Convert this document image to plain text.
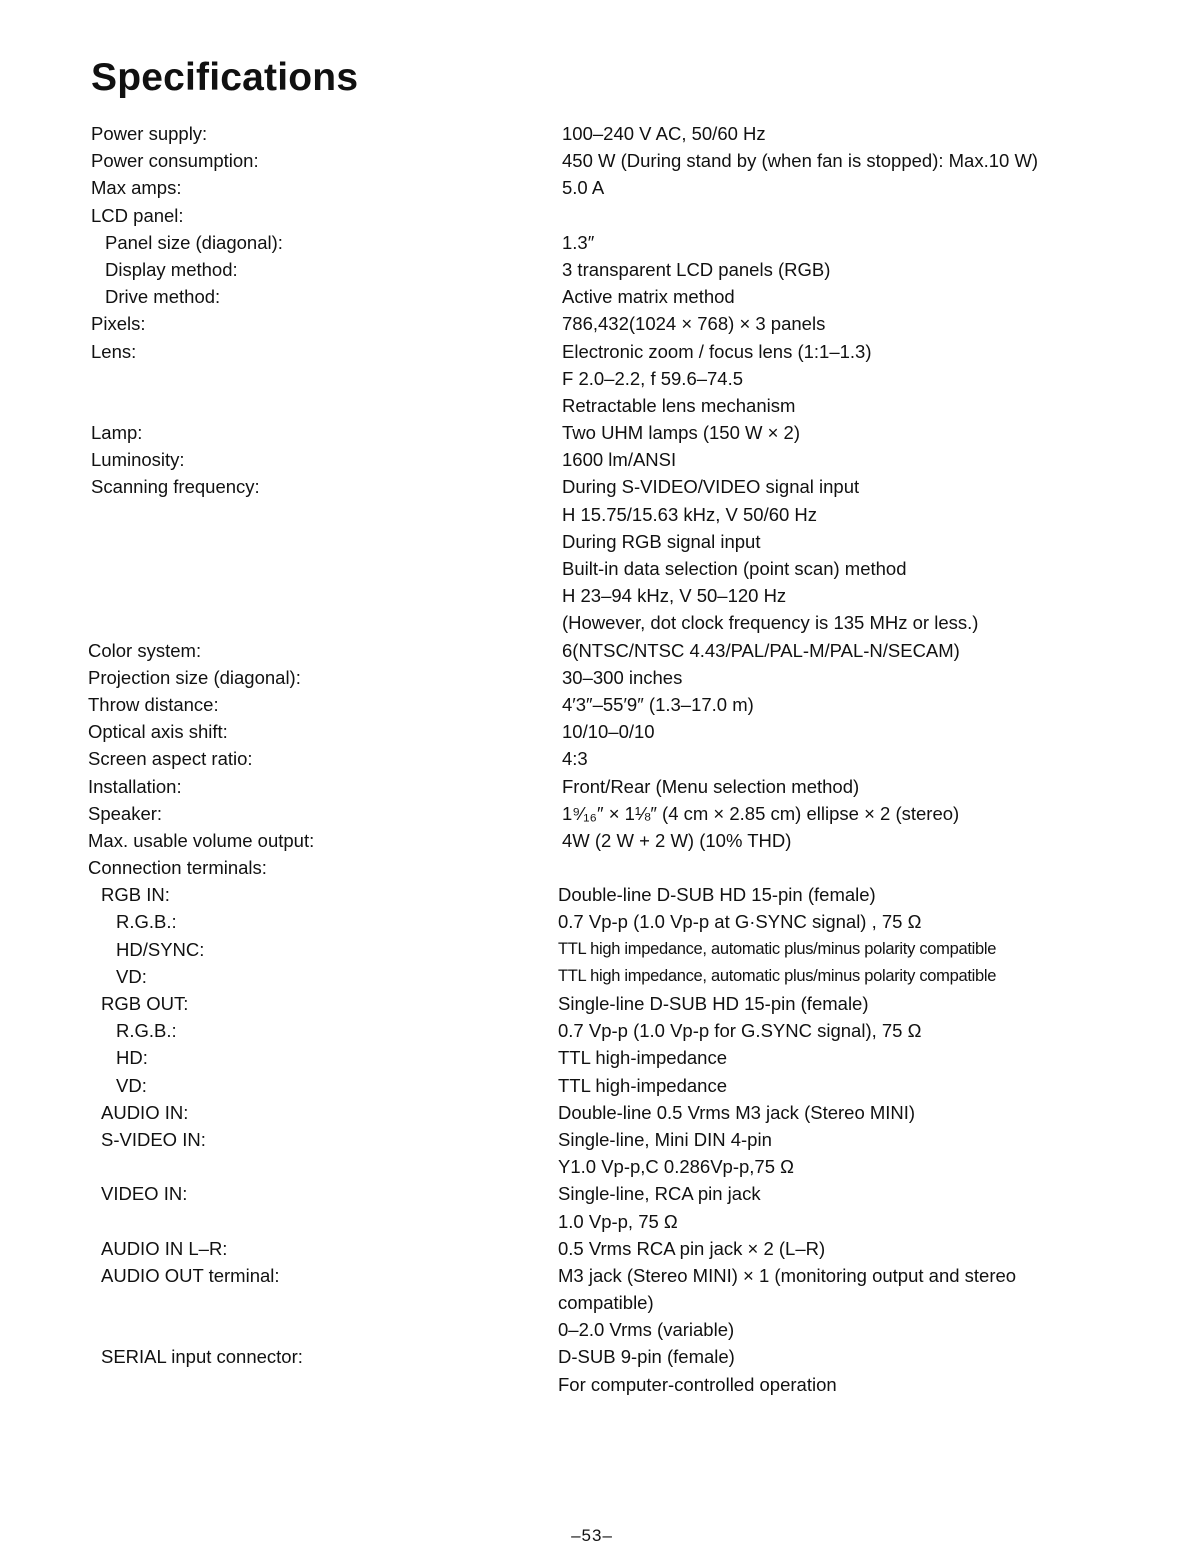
Specifications
Power supply:	100–240 V AC, 50/60 Hz
Power consumption:	450 W (During stand by (when fan is stopped): Max.10 W)
Max amps:	5.0 A
LCD panel:
Panel size (diagonal):	1.3″
Display method:	3 transparent LCD panels (RGB)
Drive method:	Active matrix method
Pixels:	786,432(1024 × 768) × 3 panels
Lens:	Electronic zoom / focus lens (1:1–1.3)
F 2.0–2.2, f 59.6–74.5
Retractable lens mechanism
Lamp:	Two UHM lamps (150 W × 2)
Luminosity:	1600 lm/ANSI
Scanning frequency:	During S-VIDEO/VIDEO signal input
H 15.75/15.63 kHz, V 50/60 Hz
During RGB signal input
Built-in data selection (point scan) method
H 23–94 kHz, V 50–120 Hz
(However, dot clock frequency is 135 MHz or less.)
Color system:	6(NTSC/NTSC 4.43/PAL/PAL-M/PAL-N/SECAM)
Projection size (diagonal):	30–300 inches
Throw distance:	4′3″–55′9″ (1.3–17.0 m)
Optical axis shift:	10/10–0/10
Screen aspect ratio:	4:3
Installation:	Front/Rear (Menu selection method)
Speaker:	1⁹⁄₁₆″ × 1⅛″ (4 cm × 2.85 cm) ellipse × 2 (stereo)
Max. usable volume output:	4W (2 W + 2 W) (10% THD)
Connection terminals:
RGB IN:	Double-line D-SUB HD 15-pin (female)
R.G.B.:	0.7 Vp-p (1.0 Vp-p at G·SYNC signal) , 75 Ω
HD/SYNC:	TTL high impedance, automatic plus/minus polarity compatible
VD:	TTL high impedance, automatic plus/minus polarity compatible
RGB OUT:	Single-line D-SUB HD 15-pin (female)
R.G.B.:	0.7 Vp-p (1.0 Vp-p for G.SYNC signal), 75 Ω
HD:	TTL high-impedance
VD:	TTL high-impedance
AUDIO IN:	Double-line 0.5 Vrms M3 jack (Stereo MINI)
S-VIDEO IN:	Single-line, Mini DIN 4-pin
Y1.0 Vp-p,C 0.286Vp-p,75 Ω
VIDEO IN:	Single-line, RCA pin jack
1.0 Vp-p, 75 Ω
AUDIO IN L–R:	0.5 Vrms RCA pin jack × 2 (L–R)
AUDIO OUT terminal:	M3 jack (Stereo MINI) × 1 (monitoring output and stereo
compatible)
0–2.0 Vrms (variable)
SERIAL input connector:	D-SUB 9-pin (female)
For computer-controlled operation
–53–
